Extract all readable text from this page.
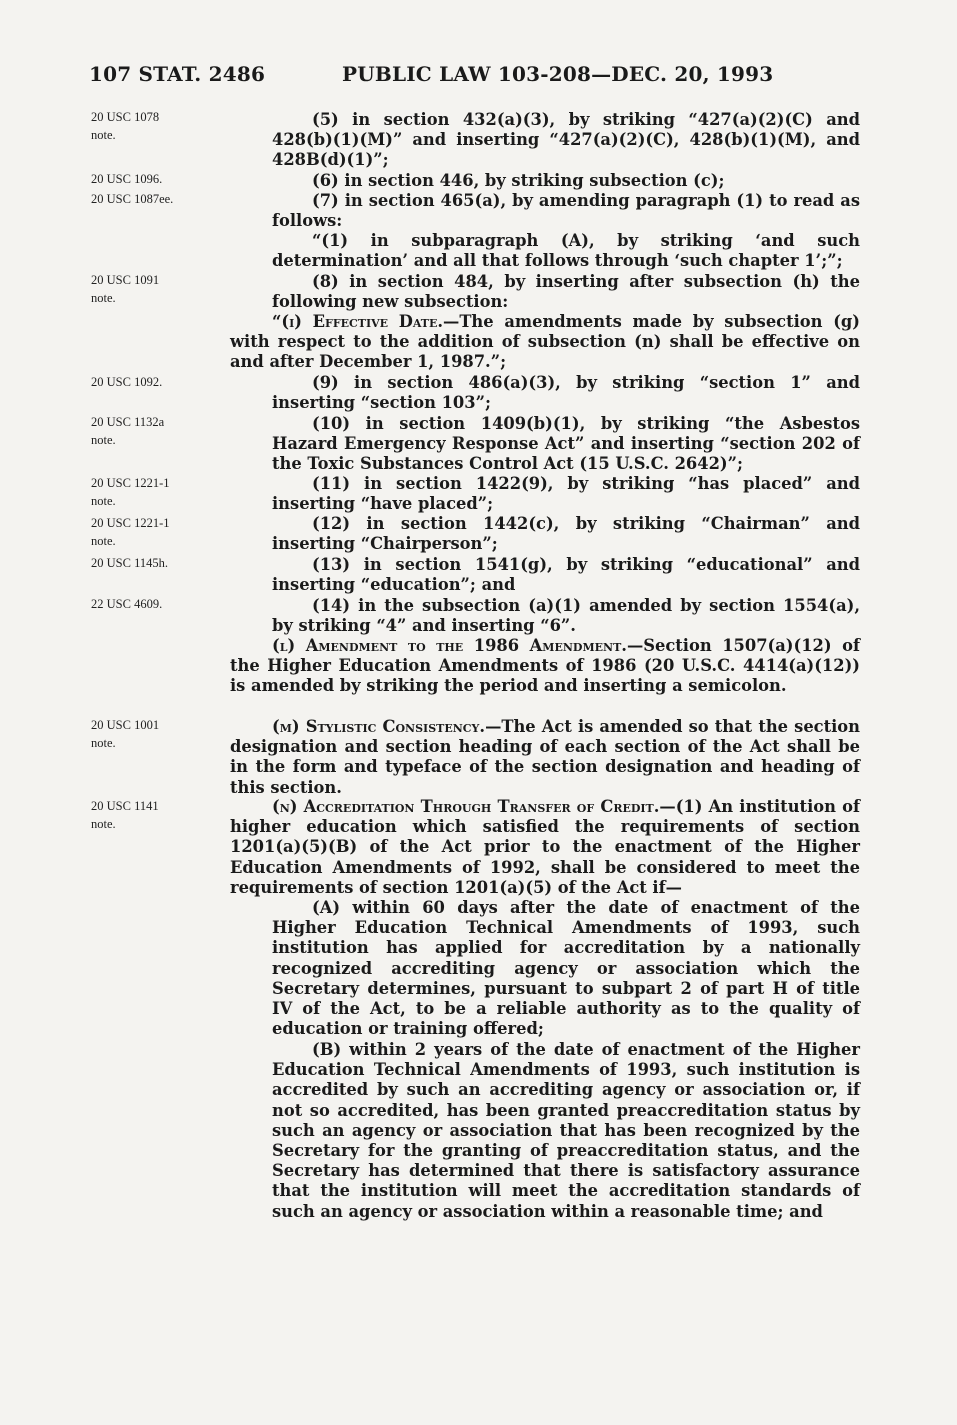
107 STAT. 2486	PUBLIC LAW 103-208—DEC. 20, 1993
20 USC 1078
note.
20 USC 1096.
20 USC 1087ee.
20 USC 1091
note.
20 USC 1092.
20 USC 1132a
note.
20 USC 1221-1
note.
20 USC 1221-1
note.
20 USC 1145h.
22 USC 4609.
20 USC 1001
note.
20 USC 1141
note.
(5) in section 432(a)(3), by striking “427(a)(2)(C) and 428(b)(1)(M)” and inserting “427(a)(2)(C), 428(b)(1)(M), and 428B(d)(1)”;
(6) in section 446, by striking subsection (c);
(7) in section 465(a), by amending paragraph (1) to read as follows:
“(1) in subparagraph (A), by striking ‘and such determination’ and all that follows through ‘such chapter 1’;”;
(8) in section 484, by inserting after subsection (h) the following new subsection:
“(i) Effective Date.—The amendments made by subsection (g) with respect to the addition of subsection (n) shall be effective on and after December 1, 1987.”;
(9) in section 486(a)(3), by striking “section 1” and inserting “section 103”;
(10) in section 1409(b)(1), by striking “the Asbestos Hazard Emergency Response Act” and inserting “section 202 of the Toxic Substances Control Act (15 U.S.C. 2642)”;
(11) in section 1422(9), by striking “has placed” and inserting “have placed”;
(12) in section 1442(c), by striking “Chairman” and inserting “Chairperson”;
(13) in section 1541(g), by striking “educational” and inserting “education”; and
(14) in the subsection (a)(1) amended by section 1554(a), by striking “4” and inserting “6”.
(l) Amendment to the 1986 Amendment.—Section 1507(a)(12) of the Higher Education Amendments of 1986 (20 U.S.C. 4414(a)(12)) is amended by striking the period and inserting a semicolon.
(m) Stylistic Consistency.—The Act is amended so that the section designation and section heading of each section of the Act shall be in the form and typeface of the section designation and heading of this section.
(n) Accreditation Through Transfer of Credit.—(1) An institution of higher education which satisfied the requirements of section 1201(a)(5)(B) of the Act prior to the enactment of the Higher Education Amendments of 1992, shall be considered to meet the requirements of section 1201(a)(5) of the Act if—
(A) within 60 days after the date of enactment of the Higher Education Technical Amendments of 1993, such institution has applied for accreditation by a nationally recognized accrediting agency or association which the Secretary determines, pursuant to subpart 2 of part H of title IV of the Act, to be a reliable authority as to the quality of education or training offered;
(B) within 2 years of the date of enactment of the Higher Education Technical Amendments of 1993, such institution is accredited by such an accrediting agency or association or, if not so accredited, has been granted preaccreditation status by such an agency or association that has been recognized by the Secretary for the granting of preaccreditation status, and the Secretary has determined that there is satisfactory assurance that the institution will meet the accreditation standards of such an agency or association within a reasonable time; and
